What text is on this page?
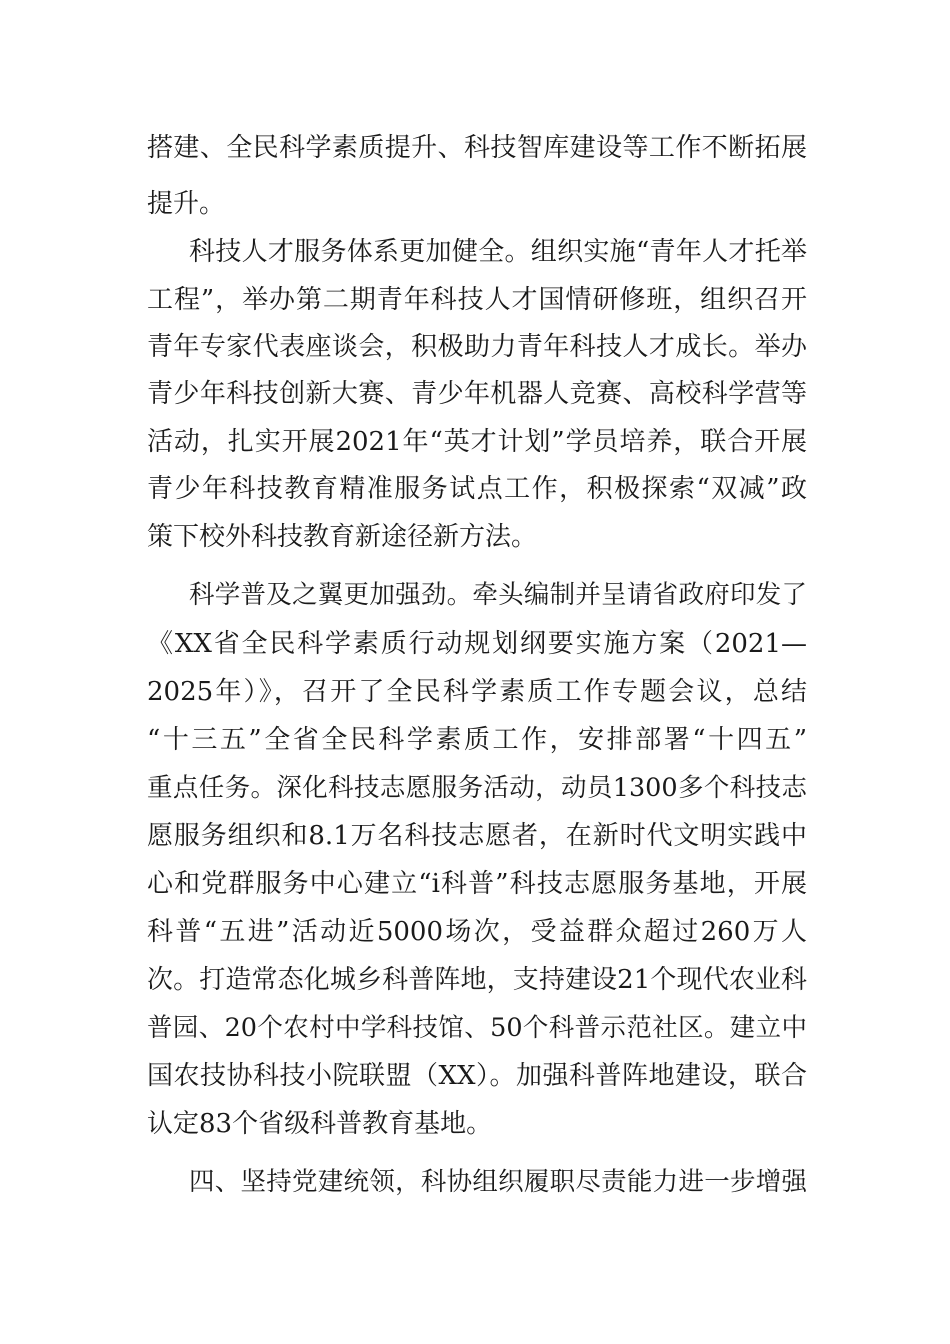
搭建、全民科学素质提升、科技智库建设等工作不断拓展
提升。
科技人才服务体系更加健全。组织实施“青年人才托举
工程”，举办第二期青年科技人才国情研修班，组织召开
青年专家代表座谈会，积极助力青年科技人才成长。举办
青少年科技创新大赛、青少年机器人竞赛、高校科学营等
活动，扎实开展2021年“英才计划”学员培养，联合开展
青少年科技教育精准服务试点工作，积极探索“双减”政
策下校外科技教育新途径新方法。
科学普及之翼更加强劲。牵头编制并呈请省政府印发了
《XX省全民科学素质行动规划纲要实施方案（2021—
2025年）》，召开了全民科学素质工作专题会议，总结
“十三五”全省全民科学素质工作，安排部署“十四五”
重点任务。深化科技志愿服务活动，动员1300多个科技志
愿服务组织和8.1万名科技志愿者，在新时代文明实践中
心和党群服务中心建立“i科普”科技志愿服务基地，开展
科普“五进”活动近5000场次，受益群众超过260万人
次。打造常态化城乡科普阵地，支持建设21个现代农业科
普园、20个农村中学科技馆、50个科普示范社区。建立中
国农技协科技小院联盟（XX）。加强科普阵地建设，联合
认定83个省级科普教育基地。
四、坚持党建统领，科协组织履职尽责能力进一步增强
